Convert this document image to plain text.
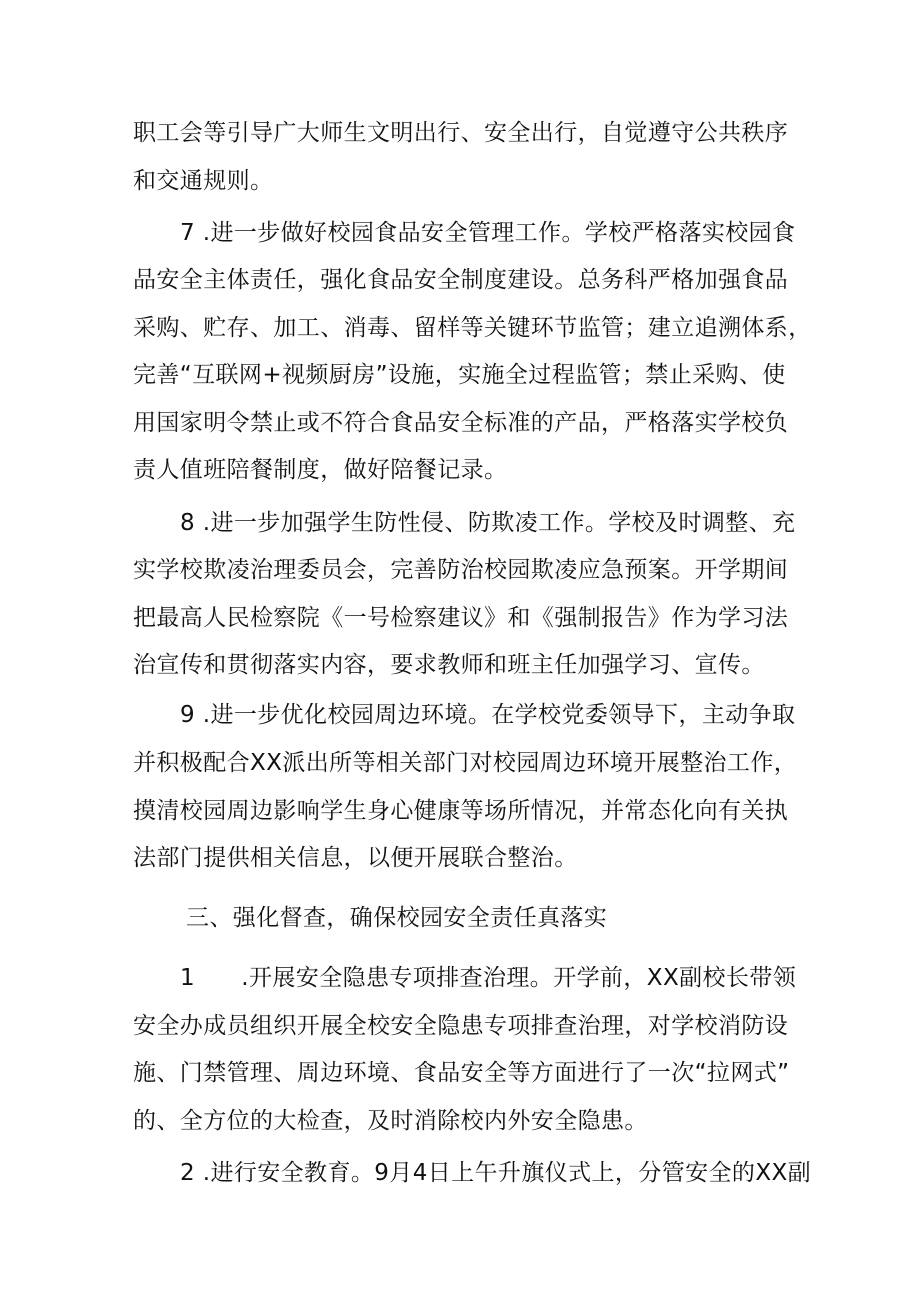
职工会等引导广大师生文明出行、安全出行，自觉遵守公共秩序
和交通规则。
7 .进一步做好校园食品安全管理工作。学校严格落实校园食
品安全主体责任，强化食品安全制度建设。总务科严格加强食品
采购、贮存、加工、消毒、留样等关键环节监管；建立追溯体系，
完善“互联网+视频厨房”设施，实施全过程监管；禁止采购、使
用国家明令禁止或不符合食品安全标准的产品，严格落实学校负
责人值班陪餐制度，做好陪餐记录。
8 .进一步加强学生防性侵、防欺凌工作。学校及时调整、充
实学校欺凌治理委员会，完善防治校园欺凌应急预案。开学期间
把最高人民检察院《一号检察建议》和《强制报告》作为学习法
治宣传和贯彻落实内容，要求教师和班主任加强学习、宣传。
9 .进一步优化校园周边环境。在学校党委领导下，主动争取
并积极配合XX派出所等相关部门对校园周边环境开展整治工作，
摸清校园周边影响学生身心健康等场所情况，并常态化向有关执
法部门提供相关信息，以便开展联合整治。
三、强化督查，确保校园安全责任真落实
1      .开展安全隐患专项排查治理。开学前，XX副校长带领
安全办成员组织开展全校安全隐患专项排查治理，对学校消防设
施、门禁管理、周边环境、食品安全等方面进行了一次“拉网式”
的、全方位的大检查，及时消除校内外安全隐患。
2 .进行安全教育。9月4日上午升旗仪式上，分管安全的XX副
